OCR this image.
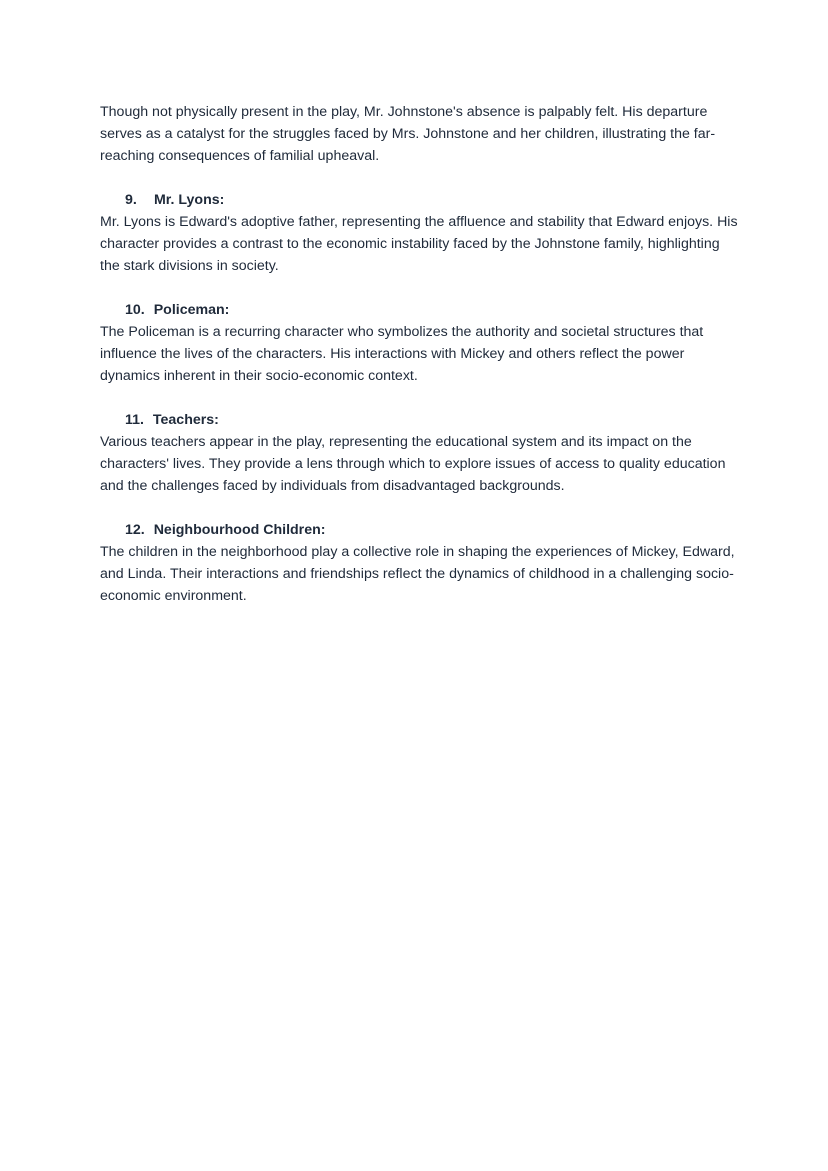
Though not physically present in the play, Mr. Johnstone's absence is palpably felt. His departure serves as a catalyst for the struggles faced by Mrs. Johnstone and her children, illustrating the far-reaching consequences of familial upheaval.

9. Mr. Lyons:

Mr. Lyons is Edward's adoptive father, representing the affluence and stability that Edward enjoys. His character provides a contrast to the economic instability faced by the Johnstone family, highlighting the stark divisions in society.

10. Policeman:

The Policeman is a recurring character who symbolizes the authority and societal structures that influence the lives of the characters. His interactions with Mickey and others reflect the power dynamics inherent in their socio-economic context.

11. Teachers:

Various teachers appear in the play, representing the educational system and its impact on the characters' lives. They provide a lens through which to explore issues of access to quality education and the challenges faced by individuals from disadvantaged backgrounds.

12. Neighbourhood Children:

The children in the neighborhood play a collective role in shaping the experiences of Mickey, Edward, and Linda. Their interactions and friendships reflect the dynamics of childhood in a challenging socio-economic environment.
